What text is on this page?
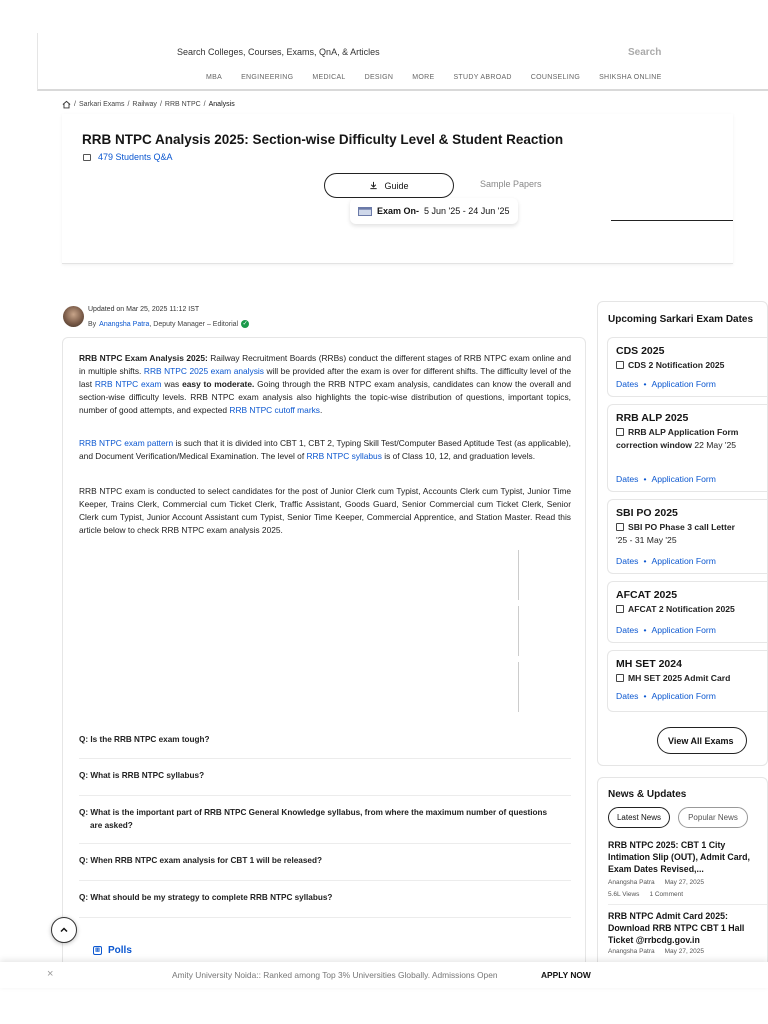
Search Colleges, Courses, Exams, QnA, & Articles	Search
MBA	ENGINEERING	MEDICAL	DESIGN	MORE	STUDY ABROAD	COUNSELING	SHIKSHA ONLINE
/ Sarkari Exams / Railway / RRB NTPC / Analysis
RRB NTPC Analysis 2025: Section-wise Difficulty Level & Student Reaction
479 Students Q&A
Guide	Sample Papers
Exam On- 5 Jun '25 - 24 Jun '25
Updated on Mar 25, 2025 11:12 IST
By Anangsha Patra , Deputy Manager – Editorial ✓

RRB NTPC Exam Analysis 2025: Railway Recruitment Boards (RRBs) conduct the different stages of RRB NTPC exam online and in multiple shifts. RRB NTPC 2025 exam analysis will be provided after the exam is over for different shifts. The difficulty level of the last RRB NTPC exam was easy to moderate. Going through the RRB NTPC exam analysis, candidates can know the overall and section-wise difficulty levels. RRB NTPC exam analysis also highlights the topic-wise distribution of questions, important topics, number of good attempts, and expected RRB NTPC cutoff marks.

RRB NTPC exam pattern is such that it is divided into CBT 1, CBT 2, Typing Skill Test/Computer Based Aptitude Test (as applicable), and Document Verification/Medical Examination. The level of RRB NTPC syllabus is of Class 10, 12, and graduation levels.

RRB NTPC exam is conducted to select candidates for the post of Junior Clerk cum Typist, Accounts Clerk cum Typist, Junior Time Keeper, Trains Clerk, Commercial cum Ticket Clerk, Traffic Assistant, Goods Guard, Senior Commercial cum Ticket Clerk, Senior Clerk cum Typist, Junior Account Assistant cum Typist, Senior Time Keeper, Commercial Apprentice, and Station Master. Read this article below to check RRB NTPC exam analysis 2025.

Q: Is the RRB NTPC exam tough?
Q: What is RRB NTPC syllabus?
Q: What is the important part of RRB NTPC General Knowledge syllabus, from where the maximum number of questions are asked?
Q: When RRB NTPC exam analysis for CBT 1 will be released?
Q: What should be my strategy to complete RRB NTPC syllabus?
▥ Polls
Upcoming Sarkari Exam Dates
CDS 2025
CDS 2 Notification 2025
Dates • Application Form
RRB ALP 2025
RRB ALP Application Form correction window 22 May '25
Dates • Application Form
SBI PO 2025
SBI PO Phase 3 call Letter
'25 - 31 May '25
Dates • Application Form
AFCAT 2025
AFCAT 2 Notification 2025
Dates • Application Form
MH SET 2024
MH SET 2025 Admit Card
Dates • Application Form
View All Exams
News & Updates
Latest News	Popular News
RRB NTPC 2025: CBT 1 City Intimation Slip (OUT), Admit Card, Exam Dates Revised,...
Anangsha Patra May 27, 2025
5.6L Views 1 Comment
RRB NTPC Admit Card 2025: Download RRB NTPC CBT 1 Hall Ticket @rrbcdg.gov.in
Anangsha Patra May 27, 2025
×	Amity University Noida:: Ranked among Top 3% Universities Globally. Admissions Open	APPLY NOW
